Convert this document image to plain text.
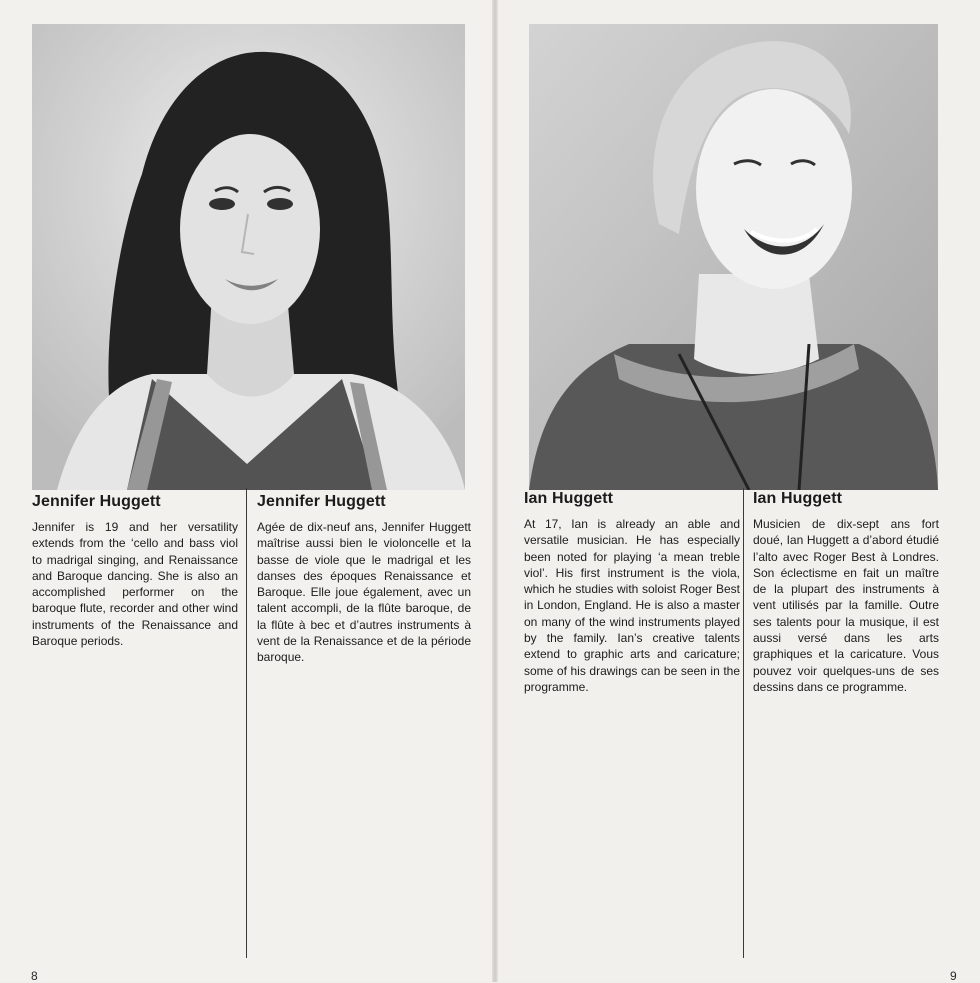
Jennifer Huggett

Jennifer is 19 and her versatility extends from the ‘cello and bass viol to madrigal singing, and Renaissance and Baroque dancing. She is also an accomplished performer on the baroque flute, recorder and other wind instruments of the Renaissance and Baroque periods.

Jennifer Huggett

Agée de dix-neuf ans, Jennifer Huggett maîtrise aussi bien le violoncelle et la basse de viole que le madrigal et les danses des époques Renaissance et Baroque. Elle joue également, avec un talent accompli, de la flûte baroque, de la flûte à bec et d’autres instruments à vent de la Renaissance et de la période baroque.

Ian Huggett

At 17, Ian is already an able and versatile musician. He has especially been noted for playing ‘a mean treble viol’. His first instrument is the viola, which he studies with soloist Roger Best in London, England. He is also a master on many of the wind instruments played by the family. Ian’s creative talents extend to graphic arts and caricature; some of his drawings can be seen in the programme.

Ian Huggett

Musicien de dix-sept ans fort doué, Ian Huggett a d’abord étudié l’alto avec Roger Best à Londres. Son éclectisme en fait un maître de la plupart des instruments à vent utilisés par la famille. Outre ses talents pour la musique, il est aussi versé dans les arts graphiques et la caricature. Vous pouvez voir quelques-uns de ses dessins dans ce programme.

8	9
